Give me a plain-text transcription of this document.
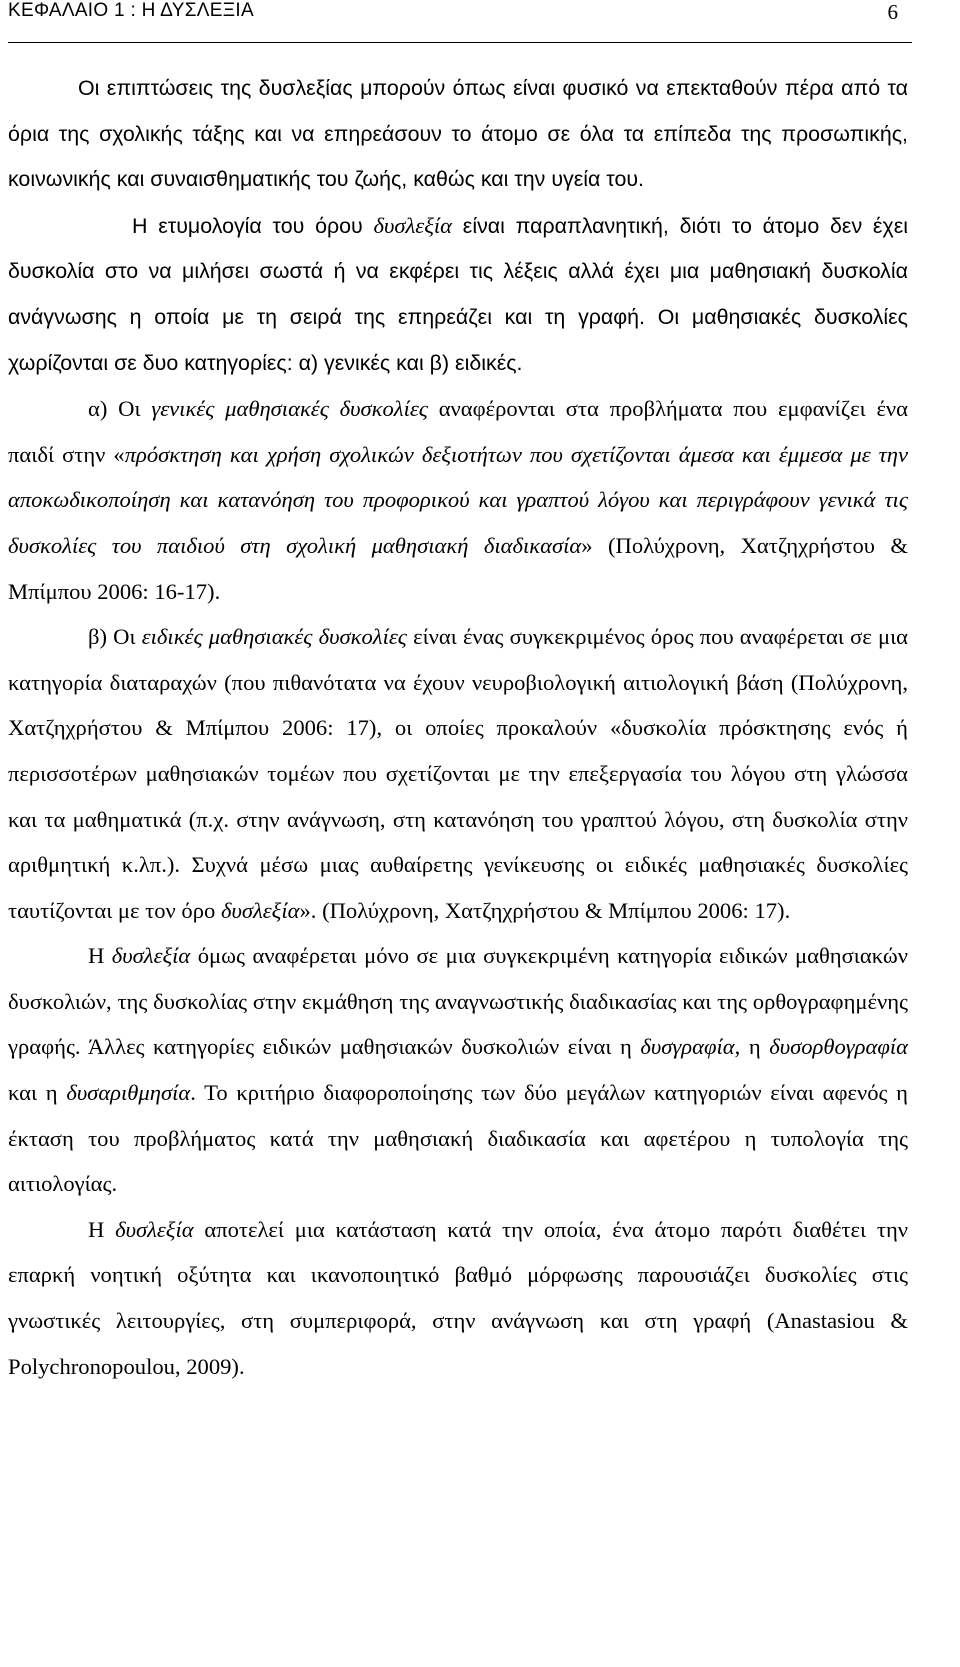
ΚΕΦΑΛΑΙΟ 1 : Η ΔΥΣΛΕΞΙΑ	6

Οι επιπτώσεις της δυσλεξίας μπορούν όπως είναι φυσικό να επεκταθούν πέρα από τα όρια της σχολικής τάξης και να επηρεάσουν το άτομο σε όλα τα επίπεδα της προσωπικής, κοινωνικής και συναισθηματικής του ζωής, καθώς και την υγεία του.

Η ετυμολογία του όρου δυσλεξία είναι παραπλανητική, διότι το άτομο δεν έχει δυσκολία στο να μιλήσει σωστά ή να εκφέρει τις λέξεις αλλά έχει μια μαθησιακή δυσκολία ανάγνωσης η οποία με τη σειρά της επηρεάζει και τη γραφή. Οι μαθησιακές δυσκολίες χωρίζονται σε δυο κατηγορίες: α) γενικές και β) ειδικές.

α) Οι γενικές μαθησιακές δυσκολίες αναφέρονται στα προβλήματα που εμφανίζει ένα παιδί στην «πρόσκτηση και χρήση σχολικών δεξιοτήτων που σχετίζονται άμεσα και έμμεσα με την αποκωδικοποίηση και κατανόηση του προφορικού και γραπτού λόγου και περιγράφουν γενικά τις δυσκολίες του παιδιού στη σχολική μαθησιακή διαδικασία» (Πολύχρονη, Χατζηχρήστου & Μπίμπου 2006: 16-17).

β) Οι ειδικές μαθησιακές δυσκολίες είναι ένας συγκεκριμένος όρος που αναφέρεται σε μια κατηγορία διαταραχών (που πιθανότατα να έχουν νευροβιολογική αιτιολογική βάση (Πολύχρονη, Χατζηχρήστου & Μπίμπου 2006: 17), οι οποίες προκαλούν «δυσκολία πρόσκτησης ενός ή περισσοτέρων μαθησιακών τομέων που σχετίζονται με την επεξεργασία του λόγου στη γλώσσα και τα μαθηματικά (π.χ. στην ανάγνωση, στη κατανόηση του γραπτού λόγου, στη δυσκολία στην αριθμητική κ.λπ.). Συχνά μέσω μιας αυθαίρετης γενίκευσης οι ειδικές μαθησιακές δυσκολίες ταυτίζονται με τον όρο δυσλεξία». (Πολύχρονη, Χατζηχρήστου & Μπίμπου 2006: 17).

Η δυσλεξία όμως αναφέρεται μόνο σε μια συγκεκριμένη κατηγορία ειδικών μαθησιακών δυσκολιών, της δυσκολίας στην εκμάθηση της αναγνωστικής διαδικασίας και της ορθογραφημένης γραφής. Άλλες κατηγορίες ειδικών μαθησιακών δυσκολιών είναι η δυσγραφία, η δυσορθογραφία και η δυσαριθμησία. Το κριτήριο διαφοροποίησης των δύο μεγάλων κατηγοριών είναι αφενός η έκταση του προβλήματος κατά την μαθησιακή διαδικασία και αφετέρου η τυπολογία της αιτιολογίας.

Η δυσλεξία αποτελεί μια κατάσταση κατά την οποία, ένα άτομο παρότι διαθέτει την επαρκή νοητική οξύτητα και ικανοποιητικό βαθμό μόρφωσης παρουσιάζει δυσκολίες στις γνωστικές λειτουργίες, στη συμπεριφορά, στην ανάγνωση και στη γραφή (Anastasiou & Polychronopoulou, 2009).
